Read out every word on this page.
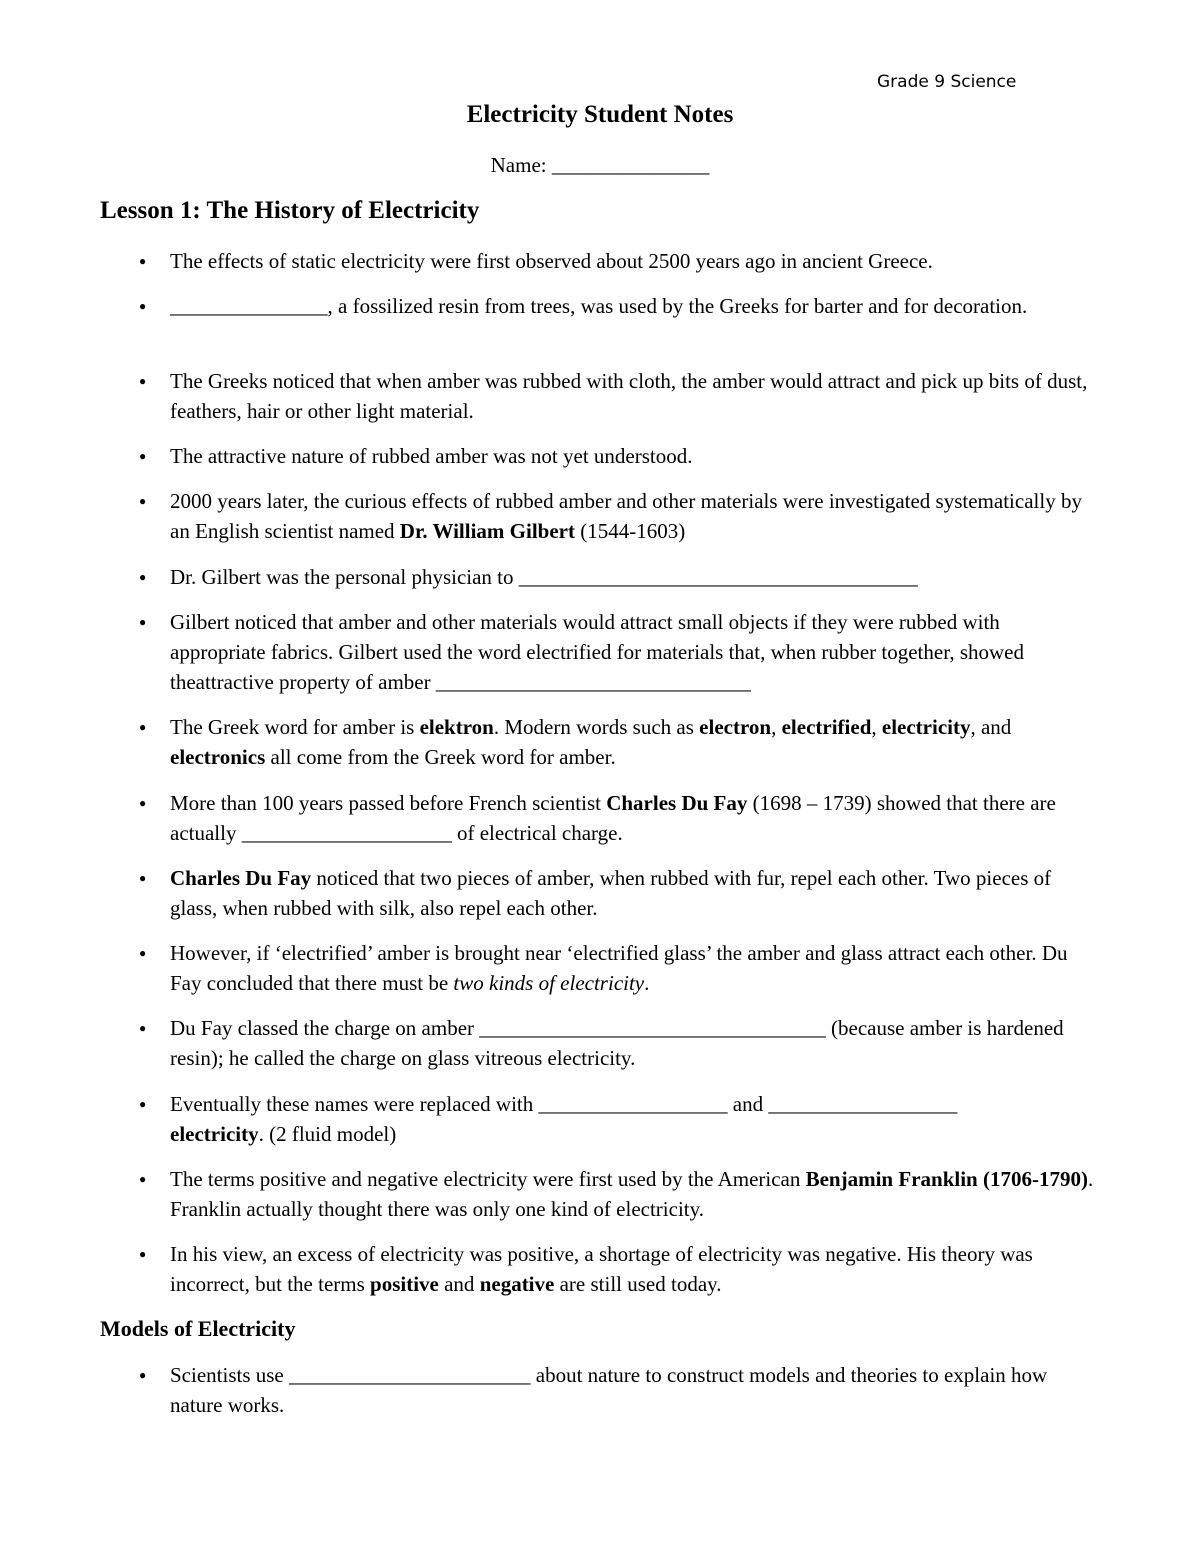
Grade 9 Science
Electricity Student Notes
Name: _______________
Lesson 1: The History of Electricity
● The effects of static electricity were first observed about 2500 years ago in ancient Greece.
● _______________, a fossilized resin from trees, was used by the Greeks for barter and for decoration.
● The Greeks noticed that when amber was rubbed with cloth, the amber would attract and pick up bits of dust, feathers, hair or other light material.
● The attractive nature of rubbed amber was not yet understood.
● 2000 years later, the curious effects of rubbed amber and other materials were investigated systematically by an English scientist named Dr. William Gilbert (1544-1603)
● Dr. Gilbert was the personal physician to ______________________________________
● Gilbert noticed that amber and other materials would attract small objects if they were rubbed with appropriate fabrics. Gilbert used the word electrified for materials that, when rubber together, showed theattractive property of amber ______________________________
● The Greek word for amber is elektron. Modern words such as electron, electrified, electricity, and electronics all come from the Greek word for amber.
● More than 100 years passed before French scientist Charles Du Fay (1698 – 1739) showed that there are actually ____________________ of electrical charge.
● Charles Du Fay noticed that two pieces of amber, when rubbed with fur, repel each other. Two pieces of glass, when rubbed with silk, also repel each other.
● However, if ‘electrified’ amber is brought near ‘electrified glass’ the amber and glass attract each other. Du Fay concluded that there must be two kinds of electricity.
● Du Fay classed the charge on amber _________________________________ (because amber is hardened resin); he called the charge on glass vitreous electricity.
● Eventually these names were replaced with __________________ and __________________
electricity. (2 fluid model)
● The terms positive and negative electricity were first used by the American Benjamin Franklin (1706-1790). Franklin actually thought there was only one kind of electricity.
● In his view, an excess of electricity was positive, a shortage of electricity was negative. His theory was incorrect, but the terms positive and negative are still used today.
Models of Electricity
● Scientists use _______________________ about nature to construct models and theories to explain how nature works.
